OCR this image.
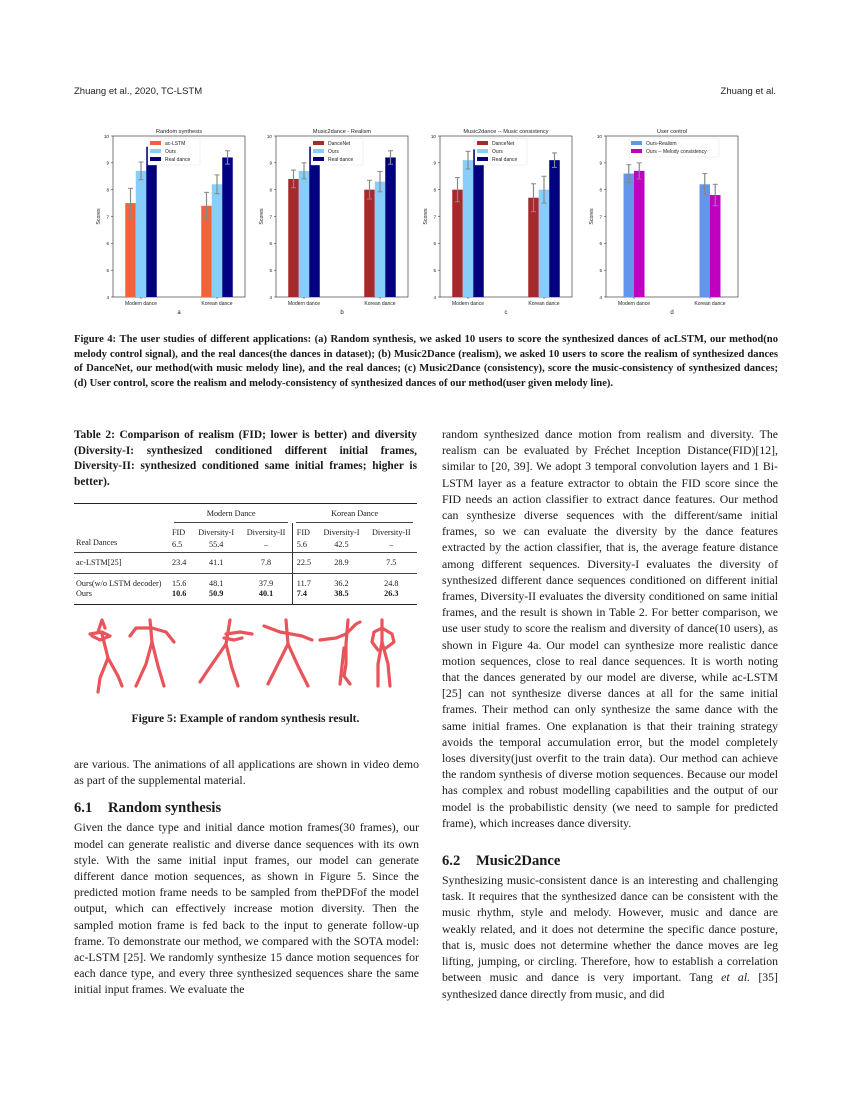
Zhuang et al., 2020, TC-LSTM	Zhuang et al.
Random synthesis
4
5
6
7
8
9
10
Scores
Modern dance	Korean dance
a
ac-LSTM
Ours
Real dance
Music2dance - Realism
4
5
6
7
8
9
10
Scores
Modern dance	Korean dance
b
DanceNet
Ours
Real dance
Music2dance -- Music consistency
4
5
6
7
8
9
10
Scores
Modern dance	Korean dance
c
DanceNet
Ours
Real dance
User control
4
5
6
7
8
9
10
Scores
Modern dance	Korean dance
d
Ours-Realism
Ours -- Melody consistency
Figure 4: The user studies of different applications: (a) Random synthesis, we asked 10 users to score the synthesized dances of acLSTM, our method(no melody control signal), and the real dances(the dances in dataset); (b) Music2Dance (realism), we asked 10 users to score the realism of synthesized dances of DanceNet, our method(with music melody line), and the real dances; (c) Music2Dance (consistency), score the music-consistency of synthesized dances; (d) User control, score the realism and melody-consistency of synthesized dances of our method(user given melody line).
Table 2: Comparison of realism (FID; lower is better) and diversity (Diversity-I: synthesized conditioned different initial frames, Diversity-II: synthesized conditioned same initial frames; higher is better).
	Modern Dance			Korean Dance		

	FID	Diversity-I	Diversity-II	FID	Diversity-I	Diversity-II
Real Dances	6.5	55.4	–	5.6	42.5	–
ac-LSTM[25]	23.4	41.1	7.8	22.5	28.9	7.5
Ours(w/o LSTM decoder)	15.6	48.1	37.9	11.7	36.2	24.8
Ours	10.6	50.9	40.1	7.4	38.5	26.3
Figure 5: Example of random synthesis result.

are various. The animations of all applications are shown in video demo as part of the supplemental material.

6.1 Random synthesis

Given the dance type and initial dance motion frames(30 frames), our model can generate realistic and diverse dance sequences with its own style. With the same initial input frames, our model can generate different dance motion sequences, as shown in Figure 5. Since the predicted motion frame needs to be sampled from thePDFof the model output, which can effectively increase motion diversity. Then the sampled motion frame is fed back to the input to generate follow-up frame. To demonstrate our method, we compared with the SOTA model: ac-LSTM [25]. We randomly synthesize 15 dance motion sequences for each dance type, and every three synthesized sequences share the same initial input frames. We evaluate the

random synthesized dance motion from realism and diversity. The realism can be evaluated by Fréchet Inception Distance(FID)[12], similar to [20, 39]. We adopt 3 temporal convolution layers and 1 Bi-LSTM layer as a feature extractor to obtain the FID score since the FID needs an action classifier to extract dance features. Our method can synthesize diverse sequences with the different/same initial frames, so we can evaluate the diversity by the dance features extracted by the action classifier, that is, the average feature distance among different sequences. Diversity-I evaluates the diversity of synthesized different dance sequences conditioned on different initial frames, Diversity-II evaluates the diversity conditioned on same initial frames, and the result is shown in Table 2. For better comparison, we use user study to score the realism and diversity of dance(10 users), as shown in Figure 4a. Our model can synthesize more realistic dance motion sequences, close to real dance sequences. It is worth noting that the dances generated by our model are diverse, while ac-LSTM [25] can not synthesize diverse dances at all for the same initial frames. Their method can only synthesize the same dance with the same initial frames. One explanation is that their training strategy avoids the temporal accumulation error, but the model completely loses diversity(just overfit to the train data). Our method can achieve the random synthesis of diverse motion sequences. Because our model has complex and robust modelling capabilities and the output of our model is the probabilistic density (we need to sample for predicted frame), which increases dance diversity.

6.2 Music2Dance

Synthesizing music-consistent dance is an interesting and challenging task. It requires that the synthesized dance can be consistent with the music rhythm, style and melody. However, music and dance are weakly related, and it does not determine the specific dance posture, that is, music does not determine whether the dance moves are leg lifting, jumping, or circling. Therefore, how to establish a correlation between music and dance is very important. Tang et al. [35] synthesized dance directly from music, and did
